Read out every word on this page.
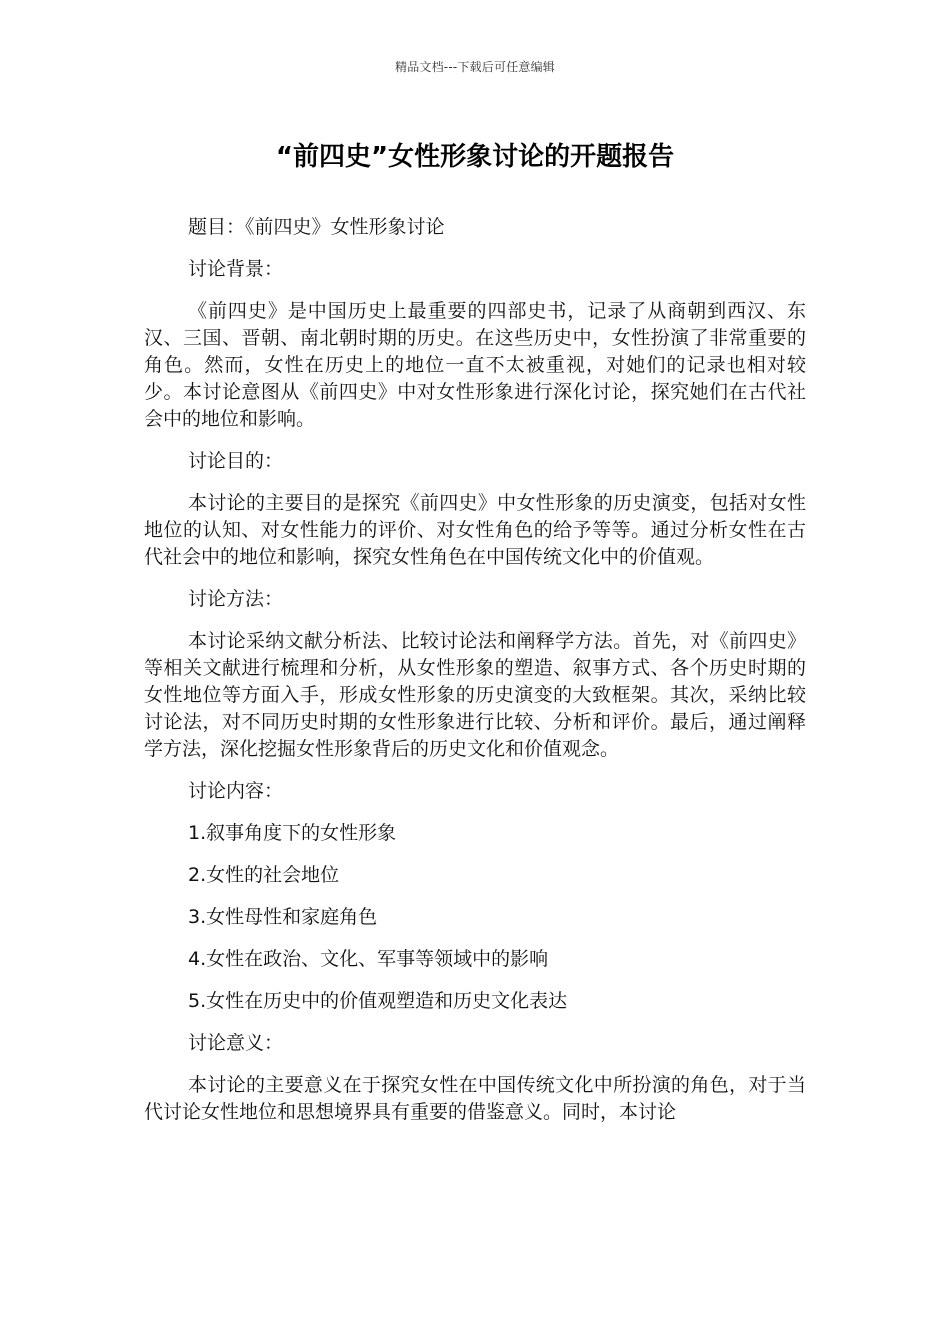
精品文档---下载后可任意编辑
“前四史”女性形象讨论的开题报告

题目：《前四史》女性形象讨论

讨论背景：

《前四史》是中国历史上最重要的四部史书，记录了从商朝到西汉、东汉、三国、晋朝、南北朝时期的历史。在这些历史中，女性扮演了非常重要的角色。然而，女性在历史上的地位一直不太被重视，对她们的记录也相对较少。本讨论意图从《前四史》中对女性形象进行深化讨论，探究她们在古代社会中的地位和影响。

讨论目的：

本讨论的主要目的是探究《前四史》中女性形象的历史演变，包括对女性地位的认知、对女性能力的评价、对女性角色的给予等等。通过分析女性在古代社会中的地位和影响，探究女性角色在中国传统文化中的价值观。

讨论方法：

本讨论采纳文献分析法、比较讨论法和阐释学方法。首先，对《前四史》等相关文献进行梳理和分析，从女性形象的塑造、叙事方式、各个历史时期的女性地位等方面入手，形成女性形象的历史演变的大致框架。其次，采纳比较讨论法，对不同历史时期的女性形象进行比较、分析和评价。最后，通过阐释学方法，深化挖掘女性形象背后的历史文化和价值观念。

讨论内容：

1.叙事角度下的女性形象

2.女性的社会地位

3.女性母性和家庭角色

4.女性在政治、文化、军事等领域中的影响

5.女性在历史中的价值观塑造和历史文化表达

讨论意义：

本讨论的主要意义在于探究女性在中国传统文化中所扮演的角色，对于当代讨论女性地位和思想境界具有重要的借鉴意义。同时，本讨论
